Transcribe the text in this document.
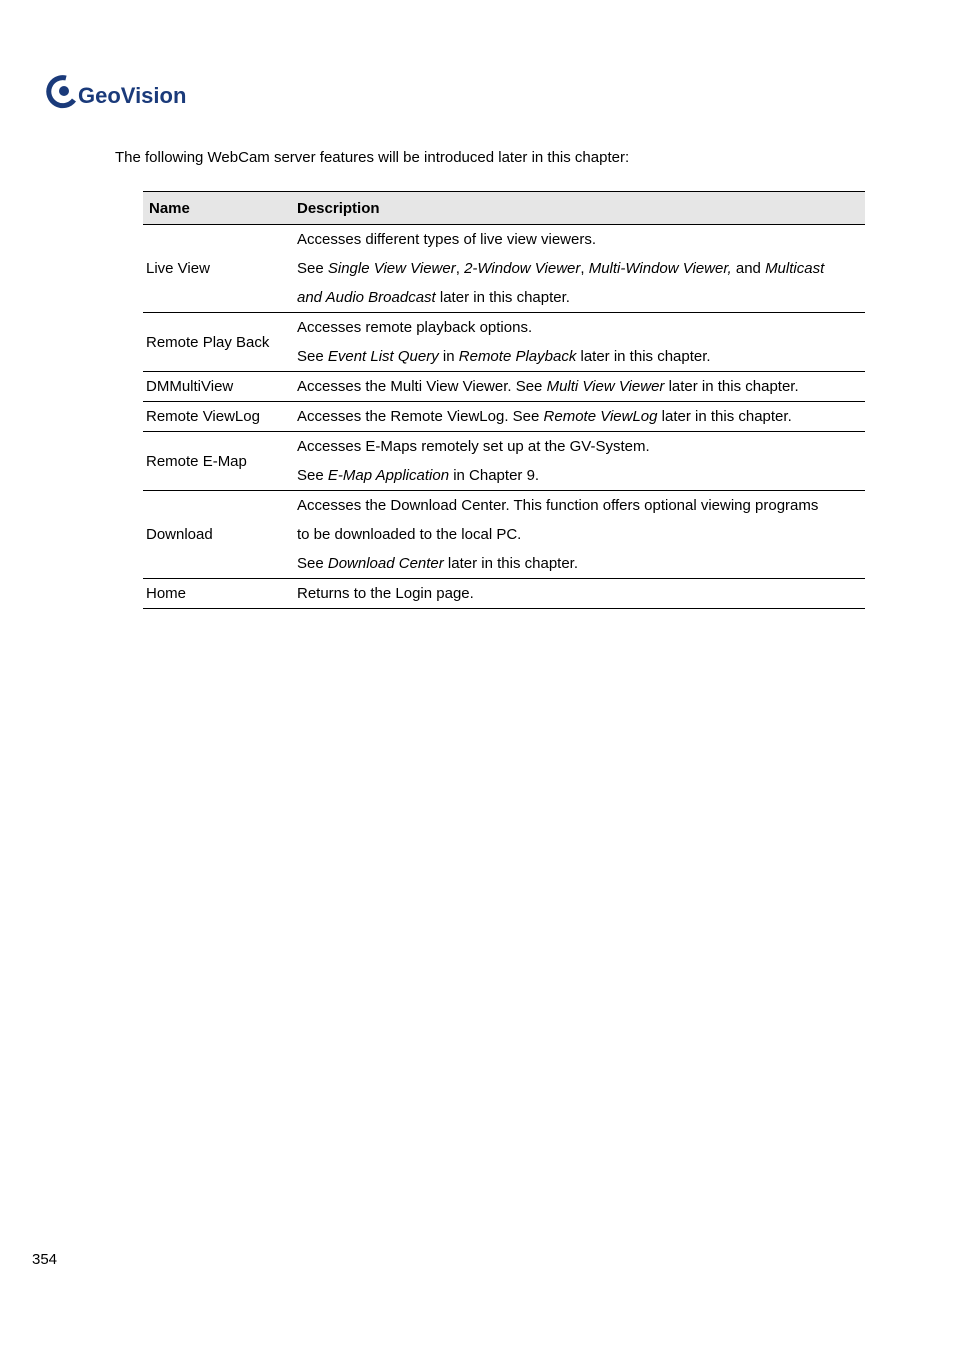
GeoVision
The following WebCam server features will be introduced later in this chapter:
Name	Description
Live View	Accesses different types of live view viewers.
See Single View Viewer, 2-Window Viewer, Multi-Window Viewer, and Multicast
and Audio Broadcast later in this chapter.

Remote Play Back	Accesses remote playback options.
See Event List Query in Remote Playback later in this chapter.

DMMultiView	Accesses the Multi View Viewer. See Multi View Viewer later in this chapter.

Remote ViewLog	Accesses the Remote ViewLog. See Remote ViewLog later in this chapter.

Remote E-Map	Accesses E-Maps remotely set up at the GV-System.
See E-Map Application in Chapter 9.

Download	Accesses the Download Center. This function offers optional viewing programs
to be downloaded to the local PC.
See Download Center later in this chapter.

Home	Returns to the Login page.
354
